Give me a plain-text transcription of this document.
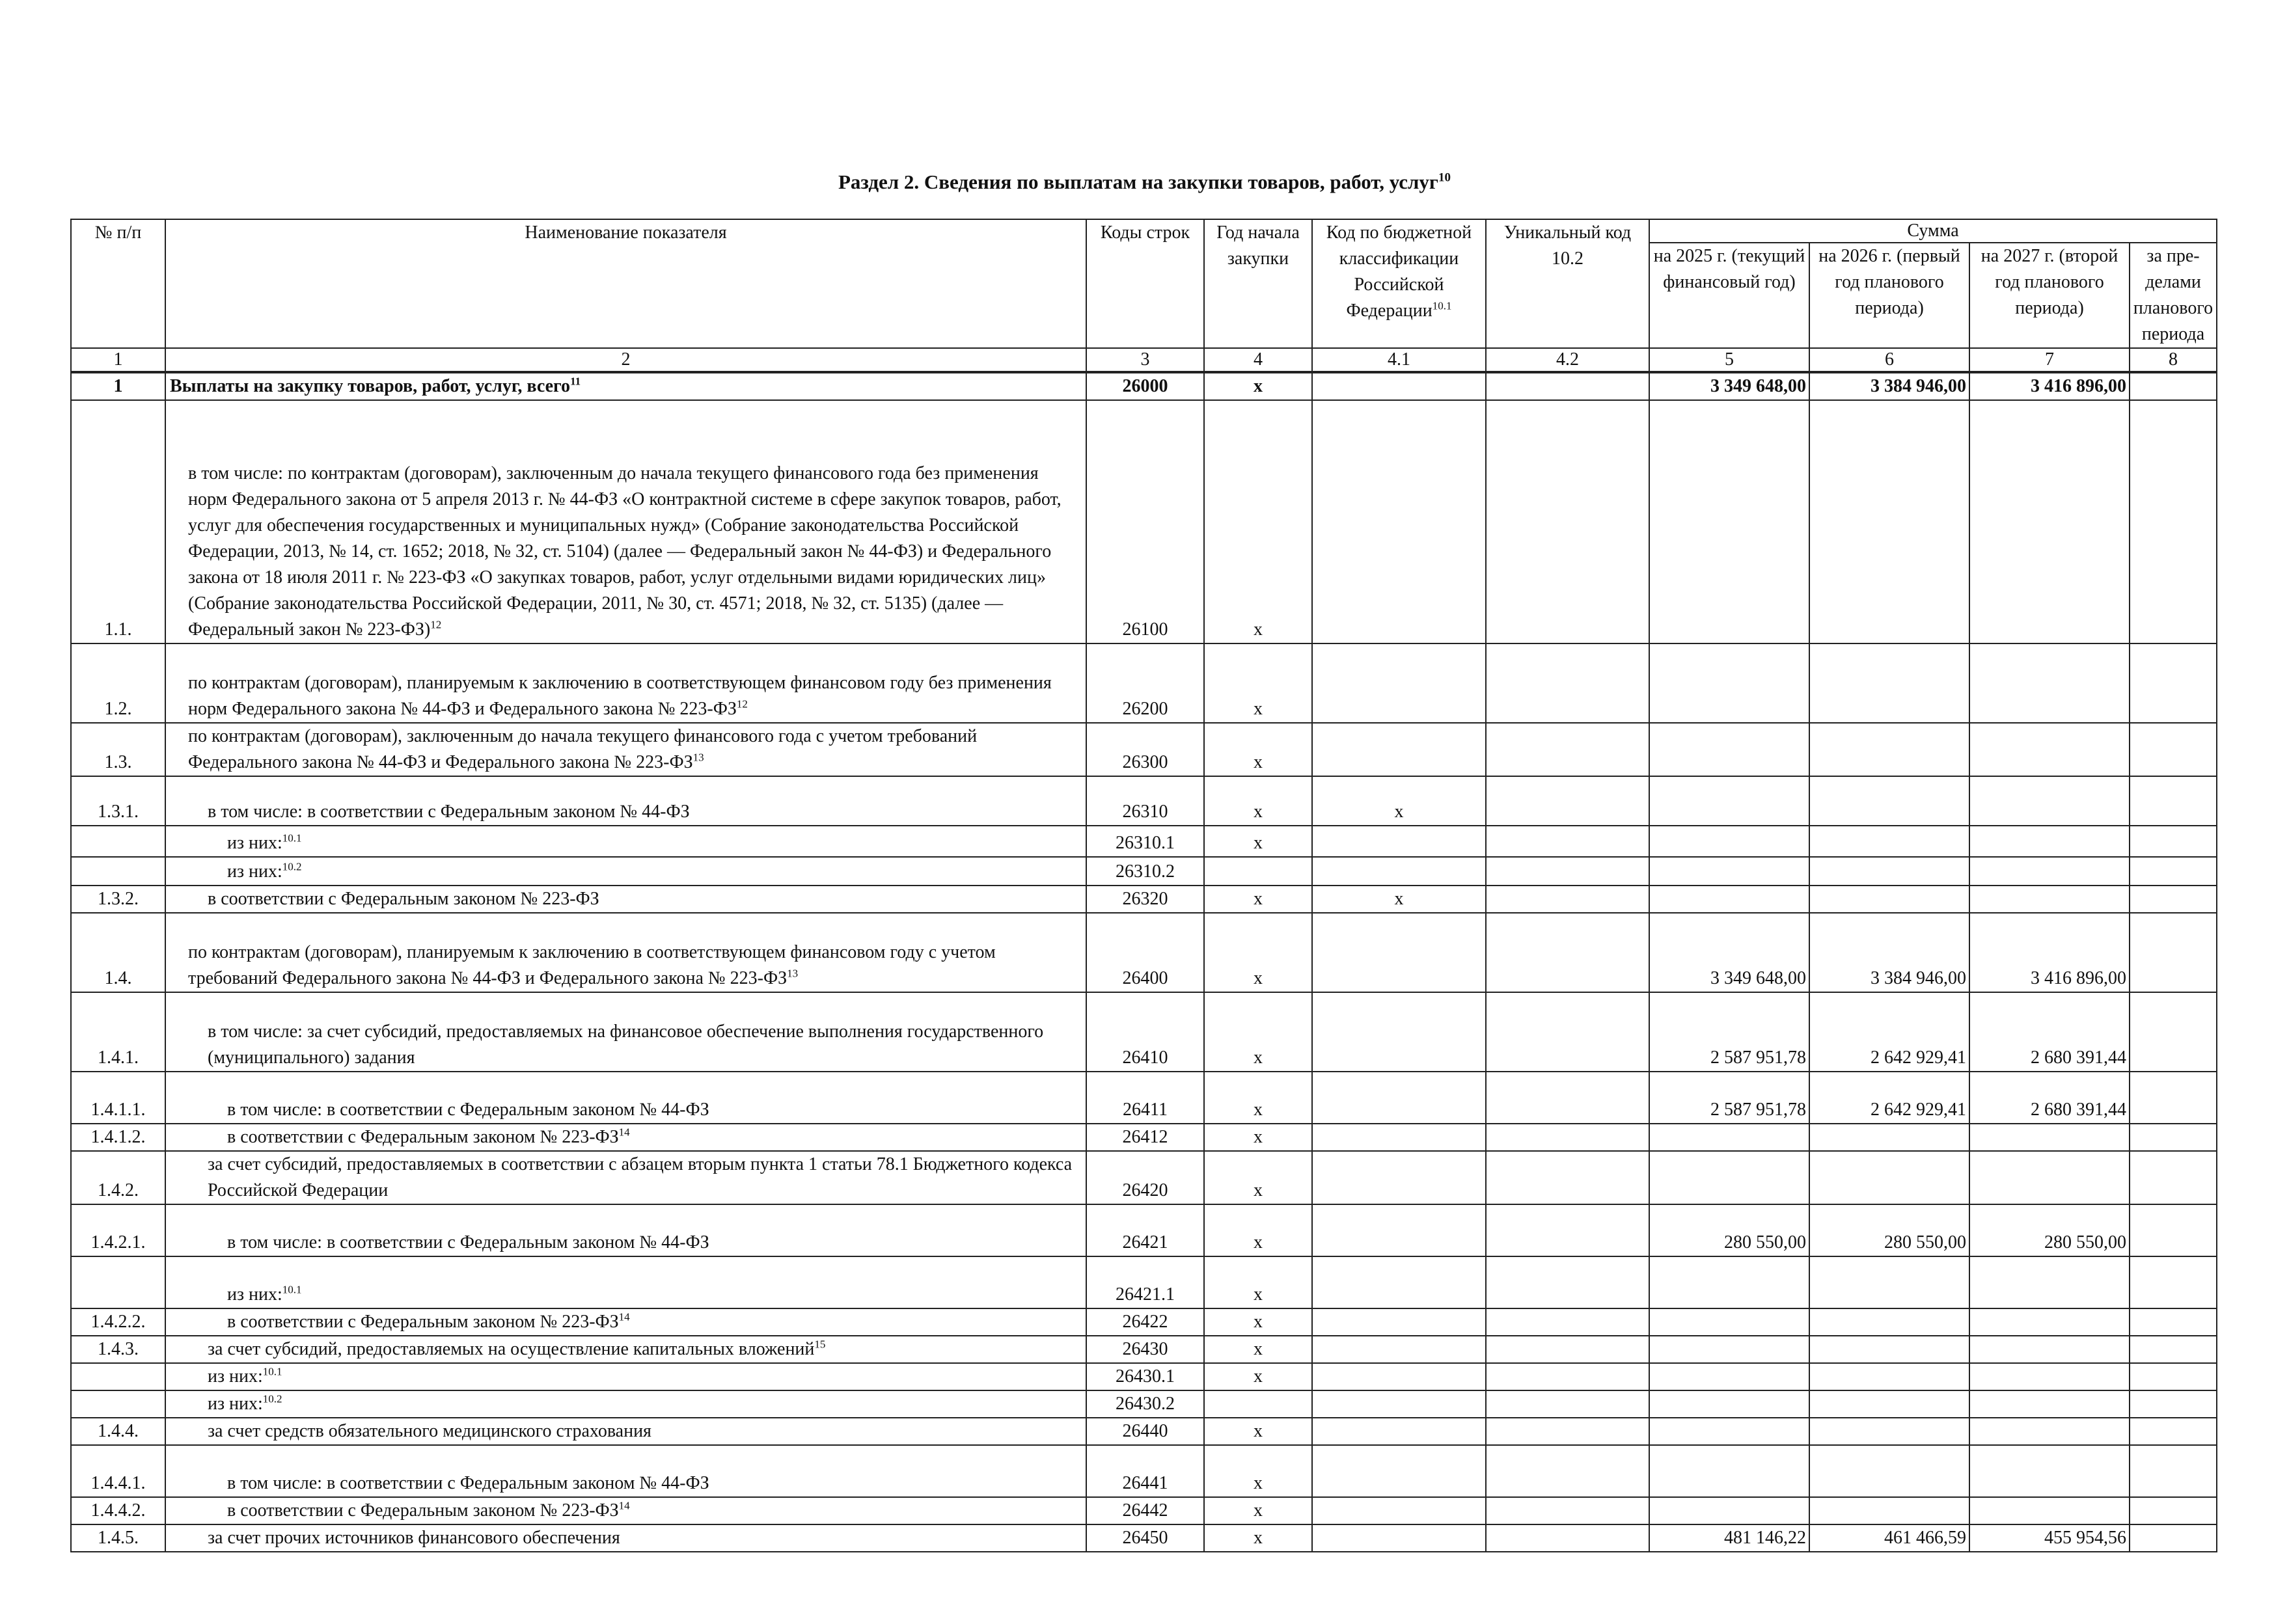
Раздел 2. Сведения по выплатам на закупки товаров, работ, услуг$^{10}$
№ п/п	Наименование показателя	Коды строк	Год начала закупки	Код по бюджетной классификации Российской Федерации$^{10.1}$	Уникальный код 10.2	Сумма			
						на 2025 г. (текущий финансовый год)	на 2026 г. (первый год планового периода)	на 2027 г. (второй год планового периода)	за пре- делами планового периода
1	2	3	4	4.1	4.2	5	6	7	8
1	Выплаты на закупку товаров, работ, услуг, всего$^{11}$	26000	x			3 349 648,00	3 384 946,00	3 416 896,00	
1.1.	в том числе: по контрактам (договорам), заключенным до начала текущего финансового года без применения норм Федерального закона от 5 апреля 2013 г. № 44-ФЗ «О контрактной системе в сфере закупок товаров, работ, услуг для обеспечения государственных и муниципальных нужд» (Собрание законодательства Российской Федерации, 2013, № 14, ст. 1652; 2018, № 32, ст. 5104) (далее — Федеральный закон № 44-ФЗ) и Федерального закона от 18 июля 2011 г. № 223-ФЗ «О закупках товаров, работ, услуг отдельными видами юридических лиц» (Собрание законодательства Российской Федерации, 2011, № 30, ст. 4571; 2018, № 32, ст. 5135) (далее — Федеральный закон № 223-ФЗ)$^{12}$	26100	x						
1.2.	по контрактам (договорам), планируемым к заключению в соответствующем финансовом году без применения норм Федерального закона № 44-ФЗ и Федерального закона № 223-ФЗ$^{12}$	26200	x						
1.3.	по контрактам (договорам), заключенным до начала текущего финансового года с учетом требований Федерального закона № 44-ФЗ и Федерального закона № 223-ФЗ$^{13}$	26300	x						
1.3.1.	в том числе: в соответствии с Федеральным законом № 44-ФЗ	26310	x	x					
	из них:$^{10.1}$	26310.1	x						
	из них:$^{10.2}$	26310.2							
1.3.2.	в соответствии с Федеральным законом № 223-ФЗ	26320	x	x					
1.4.	по контрактам (договорам), планируемым к заключению в соответствующем финансовом году с учетом требований Федерального закона № 44-ФЗ и Федерального закона № 223-ФЗ$^{13}$	26400	x			3 349 648,00	3 384 946,00	3 416 896,00	
1.4.1.	в том числе: за счет субсидий, предоставляемых на финансовое обеспечение выполнения государственного (муниципального) задания	26410	x			2 587 951,78	2 642 929,41	2 680 391,44	
1.4.1.1.	в том числе: в соответствии с Федеральным законом № 44-ФЗ	26411	x			2 587 951,78	2 642 929,41	2 680 391,44	
1.4.1.2.	в соответствии с Федеральным законом № 223-ФЗ$^{14}$	26412	x						
1.4.2.	за счет субсидий, предоставляемых в соответствии с абзацем вторым пункта 1 статьи 78.1 Бюджетного кодекса Российской Федерации	26420	x						
1.4.2.1.	в том числе: в соответствии с Федеральным законом № 44-ФЗ	26421	x			280 550,00	280 550,00	280 550,00	
	из них:$^{10.1}$	26421.1	x						
1.4.2.2.	в соответствии с Федеральным законом № 223-ФЗ$^{14}$	26422	x						
1.4.3.	за счет субсидий, предоставляемых на осуществление капитальных вложений$^{15}$	26430	x						
	из них:$^{10.1}$	26430.1	x						
	из них:$^{10.2}$	26430.2							
1.4.4.	за счет средств обязательного медицинского страхования	26440	x						
1.4.4.1.	в том числе: в соответствии с Федеральным законом № 44-ФЗ	26441	x						
1.4.4.2.	в соответствии с Федеральным законом № 223-ФЗ$^{14}$	26442	x						
1.4.5.	за счет прочих источников финансового обеспечения	26450	x			481 146,22	461 466,59	455 954,56	
